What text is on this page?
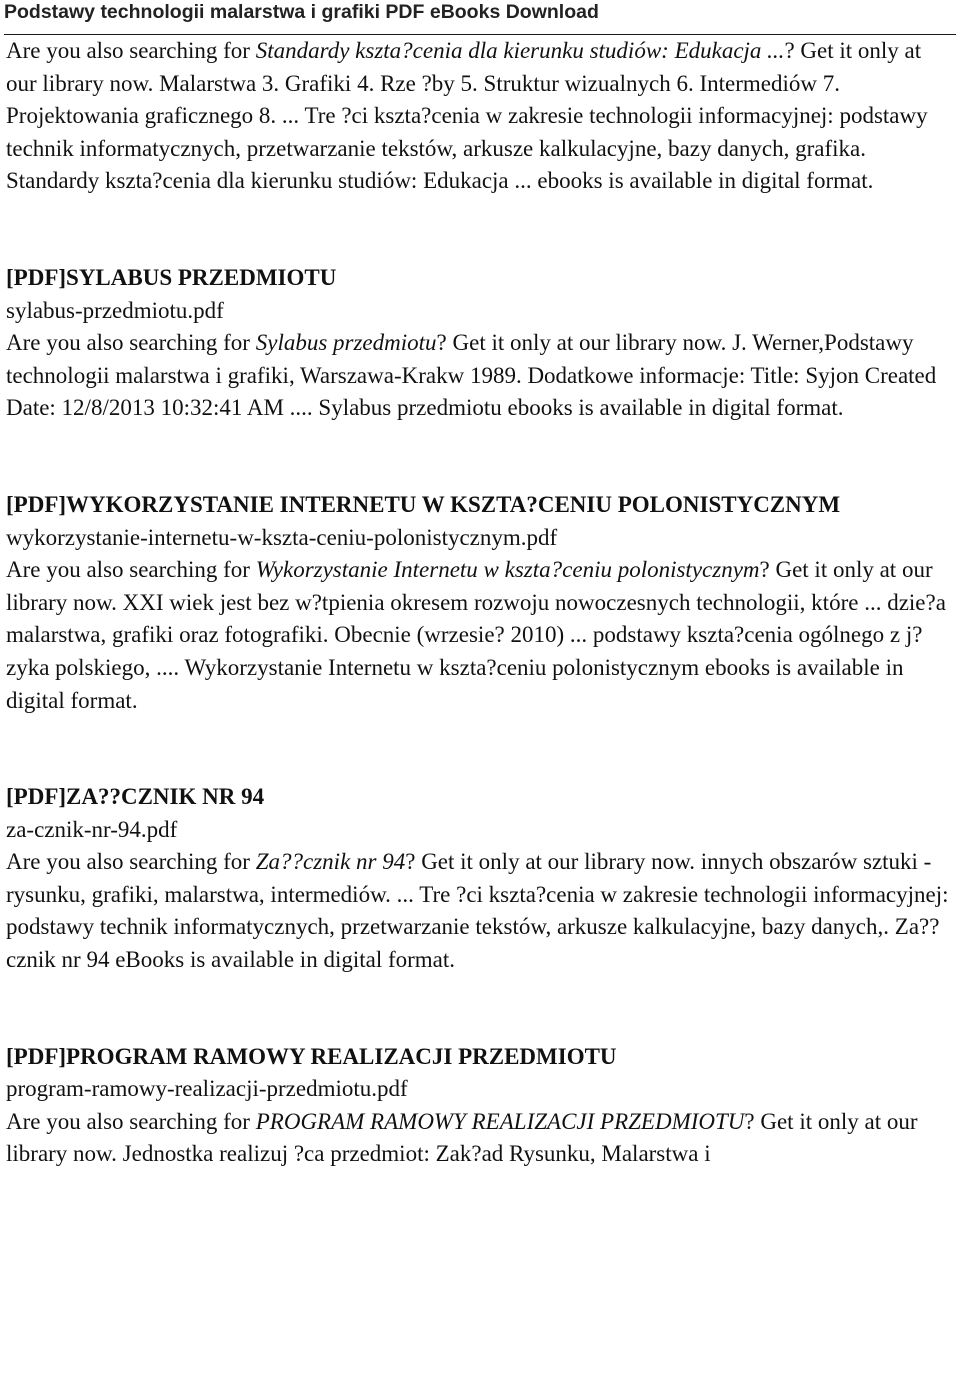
Podstawy technologii malarstwa i grafiki PDF eBooks Download

Are you also searching for Standardy kszta?cenia dla kierunku studiów: Edukacja ...? Get it only at our library now. Malarstwa 3. Grafiki 4. Rze ?by 5. Struktur wizualnych 6. Intermediów 7. Projektowania graficznego 8. ... Tre ?ci kszta?cenia w zakresie technologii informacyjnej: podstawy technik informatycznych, przetwarzanie tekstów, arkusze kalkulacyjne, bazy danych, grafika. Standardy kszta?cenia dla kierunku studiów: Edukacja ... ebooks is available in digital format.

[PDF]SYLABUS PRZEDMIOTU
sylabus-przedmiotu.pdf

Are you also searching for Sylabus przedmiotu? Get it only at our library now. J. Werner,Podstawy technologii malarstwa i grafiki, Warszawa-Krakw 1989. Dodatkowe informacje: Title: Syjon Created Date: 12/8/2013 10:32:41 AM .... Sylabus przedmiotu ebooks is available in digital format.

[PDF]WYKORZYSTANIE INTERNETU W KSZTA?CENIU POLONISTYCZNYM
wykorzystanie-internetu-w-kszta-ceniu-polonistycznym.pdf

Are you also searching for Wykorzystanie Internetu w kszta?ceniu polonistycznym? Get it only at our library now. XXI wiek jest bez w?tpienia okresem rozwoju nowoczesnych technologii, które ... dzie?a malarstwa, grafiki oraz fotografiki. Obecnie (wrzesie? 2010) ... podstawy kszta?cenia ogólnego z j?zyka polskiego, .... Wykorzystanie Internetu w kszta?ceniu polonistycznym ebooks is available in digital format.

[PDF]ZA??CZNIK NR 94
za-cznik-nr-94.pdf

Are you also searching for Za??cznik nr 94? Get it only at our library now. innych obszarów sztuki - rysunku, grafiki, malarstwa, intermediów. ... Tre ?ci kszta?cenia w zakresie technologii informacyjnej: podstawy technik informatycznych, przetwarzanie tekstów, arkusze kalkulacyjne, bazy danych,. Za??cznik nr 94 eBooks is available in digital format.

[PDF]PROGRAM RAMOWY REALIZACJI PRZEDMIOTU
program-ramowy-realizacji-przedmiotu.pdf

Are you also searching for PROGRAM RAMOWY REALIZACJI PRZEDMIOTU? Get it only at our library now. Jednostka realizuj ?ca przedmiot: Zak?ad Rysunku, Malarstwa i
